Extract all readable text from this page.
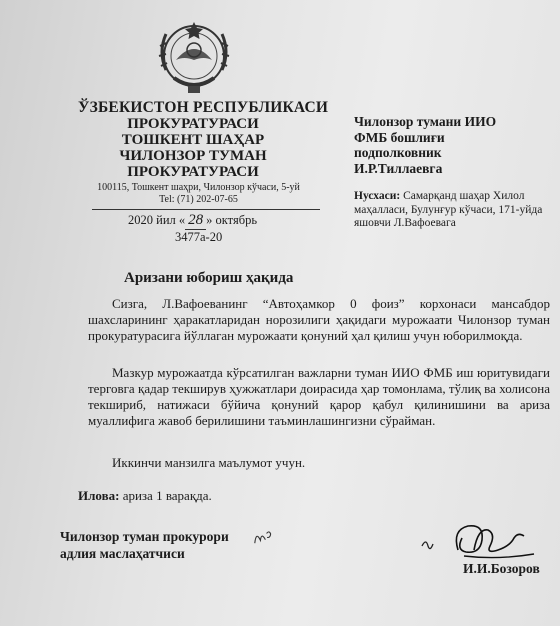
ЎЗБЕКИСТОН РЕСПУБЛИКАСИ
ПРОКУРАТУРАСИ
ТОШКЕНТ ШАҲАР
ЧИЛОНЗОР ТУМАН
ПРОКУРАТУРАСИ
100115, Тошкент шаҳри, Чилонзор кўчаси, 5-уй
Tel: (71) 202-07-65
2020 йил « 28 » октябрь
3477а-20
Чилонзор тумани ИИО
ФМБ бошлиғи
подполковник
И.Р.Тиллаевга
Нусхаси: Самарқанд шаҳар Хилол маҳалласи, Булунғур кўчаси, 171-уйда яшовчи Л.Вафоевага
Аризани юбориш ҳақида
Сизга, Л.Вафоеванинг “Автоҳамкор 0 фоиз” корхонаси мансабдор шахсларининг ҳаракатларидан норозилиги ҳақидаги мурожаати Чилонзор туман прокуратурасига йўллаган мурожаати қонуний ҳал қилиш учун юборилмоқда.
Мазкур мурожаатда кўрсатилган важларни туман ИИО ФМБ иш юритувидаги терговга қадар текширув ҳужжатлари доирасида ҳар томонлама, тўлиқ ва холисона текшириб, натижаси бўйича қонуний қарор қабул қилинишини ва ариза муаллифига жавоб берилишини таъминлашингизни сўрайман.
Иккинчи манзилга маълумот учун.
Илова: ариза 1 варақда.
Чилонзор туман прокурори
адлия маслаҳатчиси
И.И.Бозоров
